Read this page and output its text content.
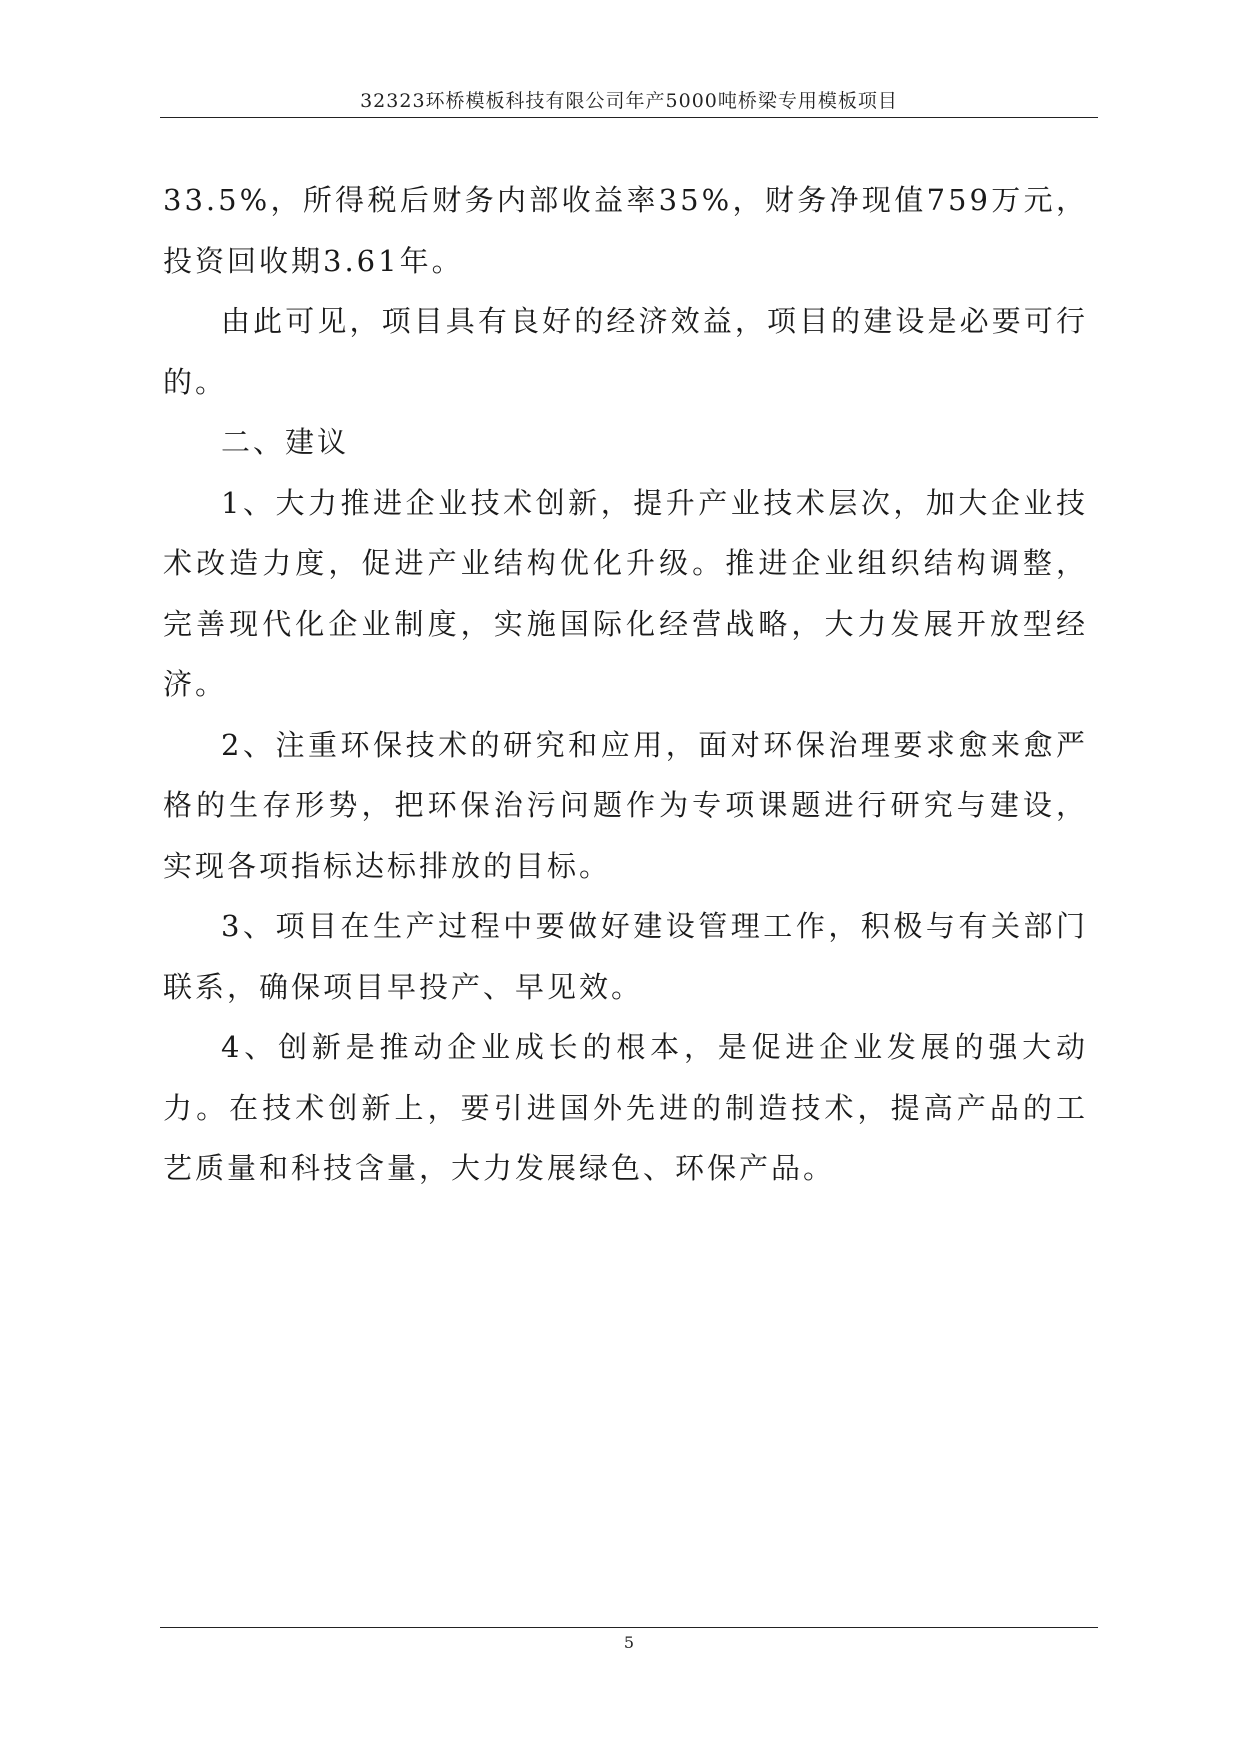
32323环桥模板科技有限公司年产5000吨桥梁专用模板项目

33.5%，所得税后财务内部收益率35%，财务净现值759万元，投资回收期3.61年。

由此可见，项目具有良好的经济效益，项目的建设是必要可行的。

二、建议

1、大力推进企业技术创新，提升产业技术层次，加大企业技术改造力度，促进产业结构优化升级。推进企业组织结构调整，完善现代化企业制度，实施国际化经营战略，大力发展开放型经济。

2、注重环保技术的研究和应用，面对环保治理要求愈来愈严格的生存形势，把环保治污问题作为专项课题进行研究与建设，实现各项指标达标排放的目标。

3、项目在生产过程中要做好建设管理工作，积极与有关部门联系，确保项目早投产、早见效。

4、创新是推动企业成长的根本，是促进企业发展的强大动力。在技术创新上，要引进国外先进的制造技术，提高产品的工艺质量和科技含量，大力发展绿色、环保产品。

5
